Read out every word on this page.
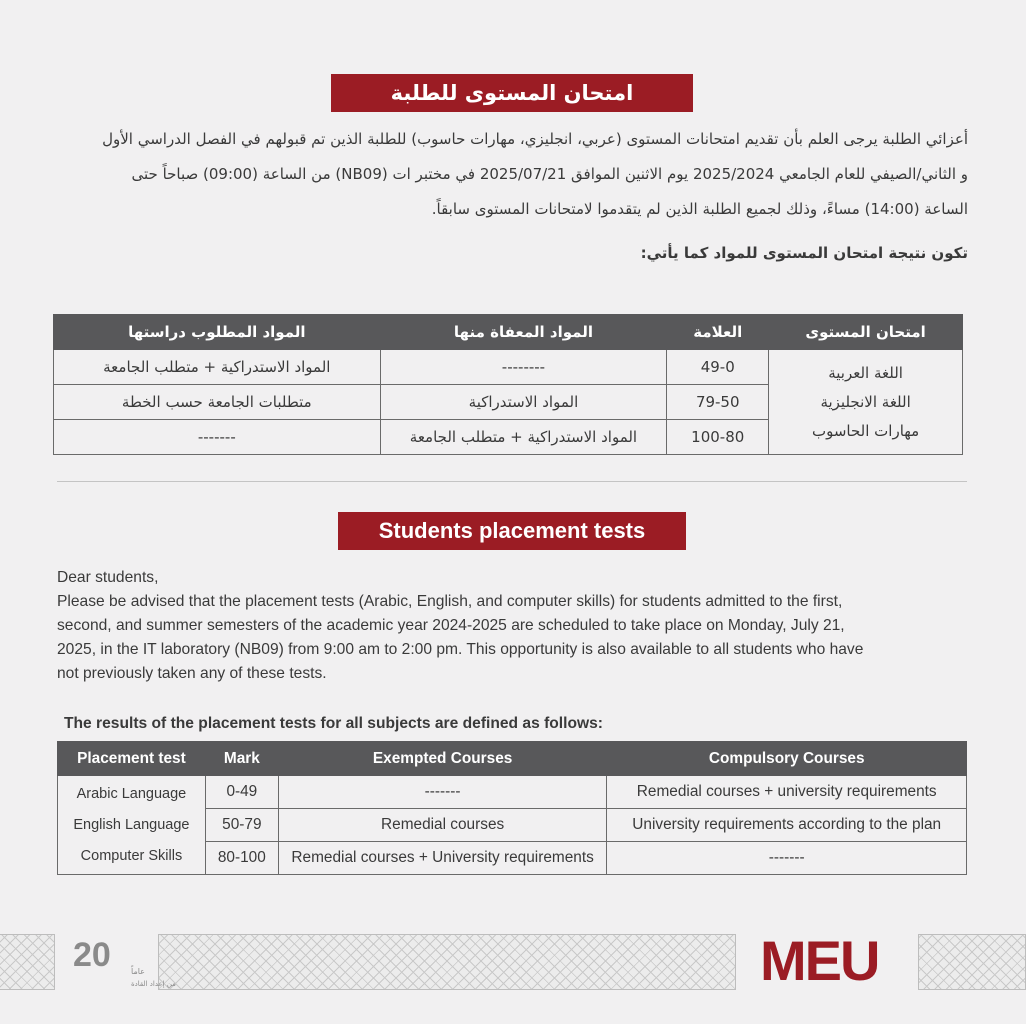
امتحان المستوى للطلبة
أعزائي الطلبة يرجى العلم بأن تقديم امتحانات المستوى (عربي، انجليزي، مهارات حاسوب) للطلبة الذين تم قبولهم في الفصل الدراسي الأول
و الثاني/الصيفي للعام الجامعي 2025/2024 يوم الاثنين الموافق 2025/07/21 في مختبر ات (NB09) من الساعة (09:00) صباحاً حتى
الساعة (14:00) مساءً، وذلك لجميع الطلبة الذين لم يتقدموا لامتحانات المستوى سابقاً.
تكون نتيجة امتحان المستوى للمواد كما يأتي:
امتحان المستوى	العلامة	المواد المعفاة منها	المواد المطلوب دراستها

اللغة العربية
اللغة الانجليزية
مهارات الحاسوب	49-0	--------	المواد الاستدراكية + متطلب الجامعة
	79-50	المواد الاستدراكية	متطلبات الجامعة حسب الخطة
	100-80	المواد الاستدراكية + متطلب الجامعة	-------
Students placement tests
Dear students,
Please be advised that the placement tests (Arabic, English, and computer skills) for students admitted to the first,
second, and summer semesters of the academic year 2024-2025 are scheduled to take place on Monday, July 21,
2025, in the IT laboratory (NB09) from 9:00 am to 2:00 pm. This opportunity is also available to all students who have
not previously taken any of these tests.
The results of the placement tests for all subjects are defined as follows:
Placement test	Mark	Exempted Courses	Compulsory Courses

Arabic Language
English Language
Computer Skills	0-49	-------	Remedial courses + university requirements
	50-79	Remedial courses	University requirements according to the plan
	80-100	Remedial courses + University requirements	-------
20	عاماً
من إعداد القادة	MEU
